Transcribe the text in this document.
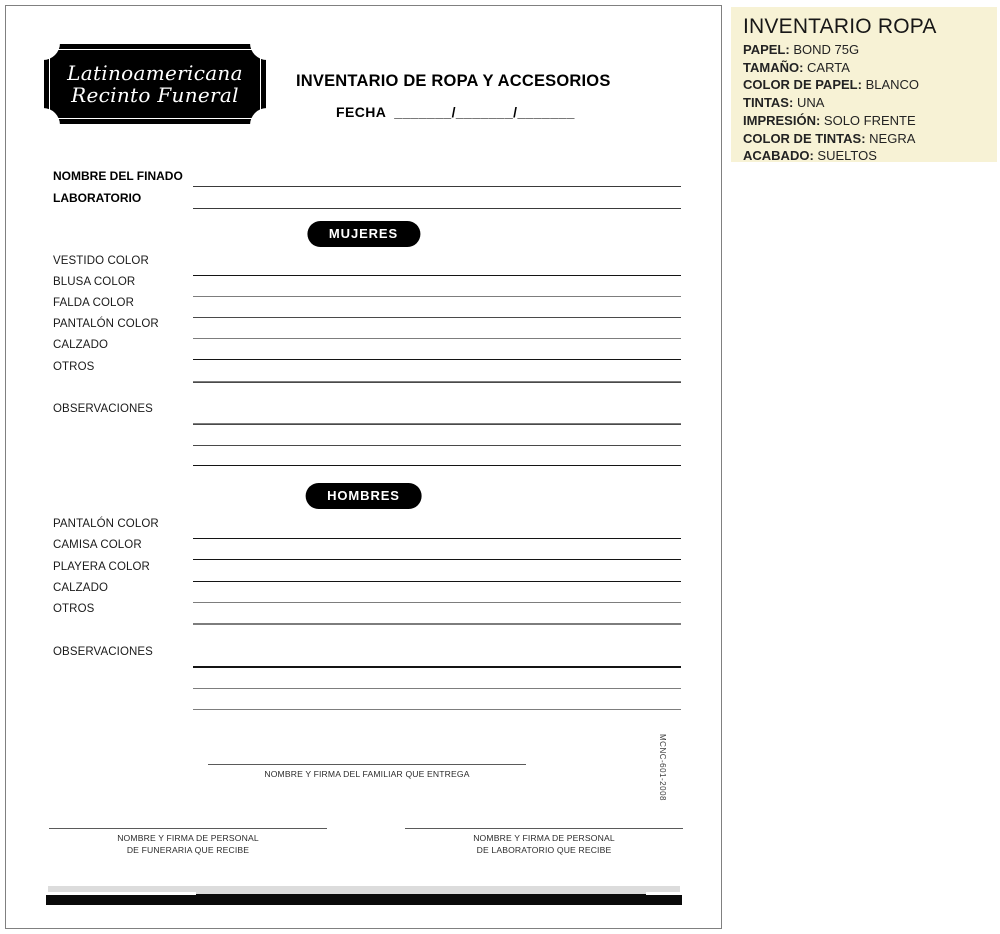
Latinoamericana
Recinto Funeral
INVENTARIO DE ROPA Y ACCESORIOS
FECHA  _______/_______/_______
NOMBRE DEL FINADO
LABORATORIO
MUJERES
VESTIDO COLOR
BLUSA COLOR
FALDA COLOR
PANTALÓN COLOR
CALZADO
OTROS
OBSERVACIONES
HOMBRES
PANTALÓN COLOR
CAMISA COLOR
PLAYERA COLOR
CALZADO
OTROS
OBSERVACIONES
NOMBRE Y FIRMA DEL FAMILIAR QUE ENTREGA
NOMBRE Y FIRMA DE PERSONAL
DE FUNERARIA QUE RECIBE
NOMBRE Y FIRMA DE PERSONAL
DE LABORATORIO QUE RECIBE
MCNC-601-2008
INVENTARIO ROPA
PAPEL: BOND 75G
TAMAÑO: CARTA
COLOR DE PAPEL: BLANCO
TINTAS: UNA
IMPRESIÓN: SOLO FRENTE
COLOR DE TINTAS: NEGRA
ACABADO: SUELTOS
